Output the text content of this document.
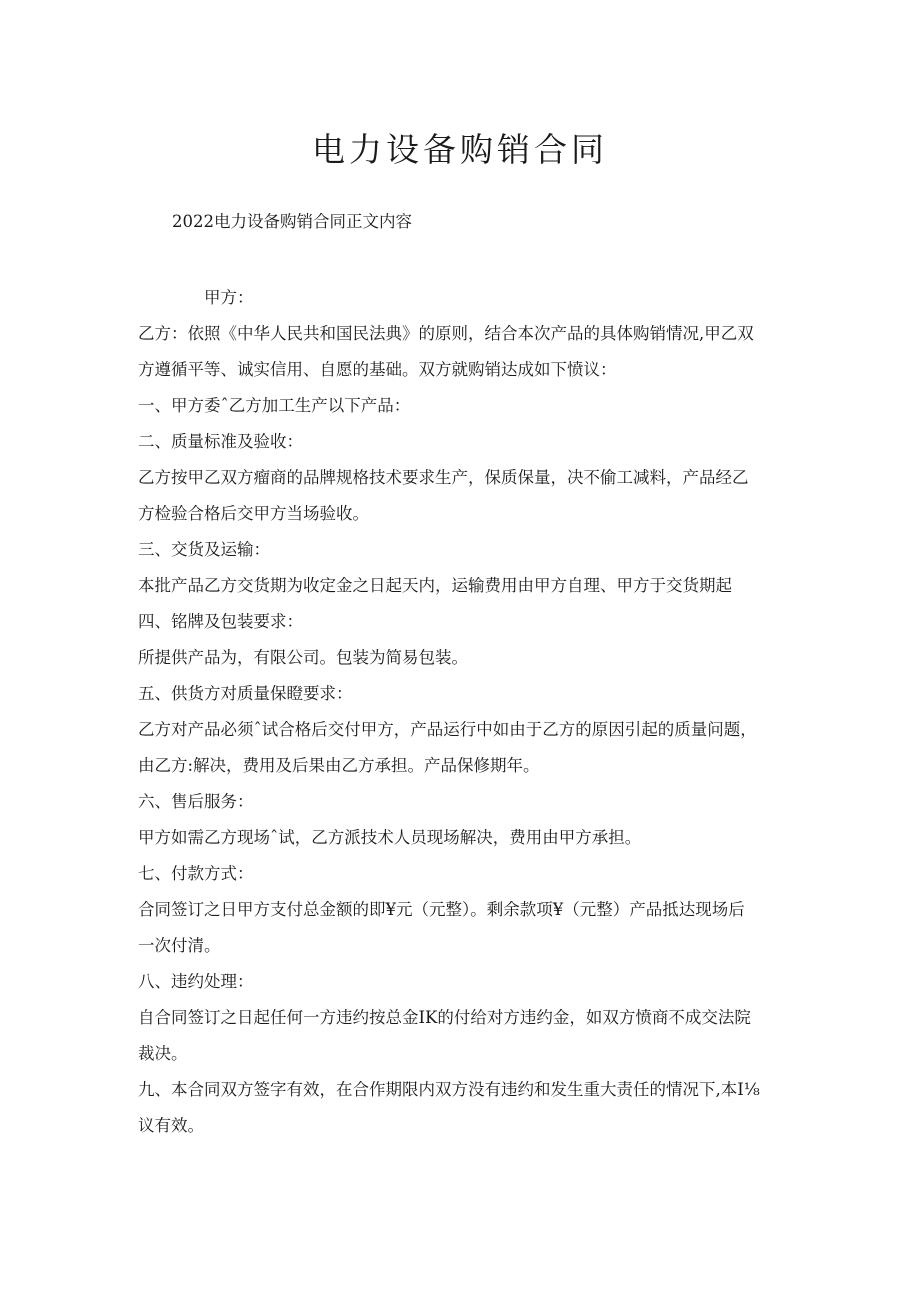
电力设备购销合同

2022电力设备购销合同正文内容

甲方：
乙方：依照《中华人民共和国民法典》的原则，结合本次产品的具体购销情况,甲乙双
方遵循平等、诚实信用、自愿的基础。双方就购销达成如下愤议：
一、甲方委ˆ乙方加工生产以下产品：
二、质量标准及验收：
乙方按甲乙双方瘤商的品牌规格技术要求生产，保质保量，决不偷工减料，产品经乙
方检验合格后交甲方当场验收。
三、交货及运输：
本批产品乙方交货期为收定金之日起天内，运输费用由甲方自理、甲方于交货期起
四、铭牌及包装要求：
所提供产品为，有限公司。包装为简易包装。
五、供货方对质量保瞪要求：
乙方对产品必须ˆ试合格后交付甲方，产品运行中如由于乙方的原因引起的质量问题，
由乙方:解决，费用及后果由乙方承担。产品保修期年。
六、售后服务：
甲方如需乙方现场ˆ试，乙方派技术人员现场解决，费用由甲方承担。
七、付款方式：
合同签订之日甲方支付总金额的即¥元（元整）。剩余款项¥（元整）产品抵达现场后
一次付清。
八、违约处理：
自合同签订之日起任何一方违约按总金IK的付给对方违约金，如双方愤商不成交法院
裁决。
九、本合同双方签字有效，在合作期限内双方没有违约和发生重大责任的情况下,本I⅛
议有效。
